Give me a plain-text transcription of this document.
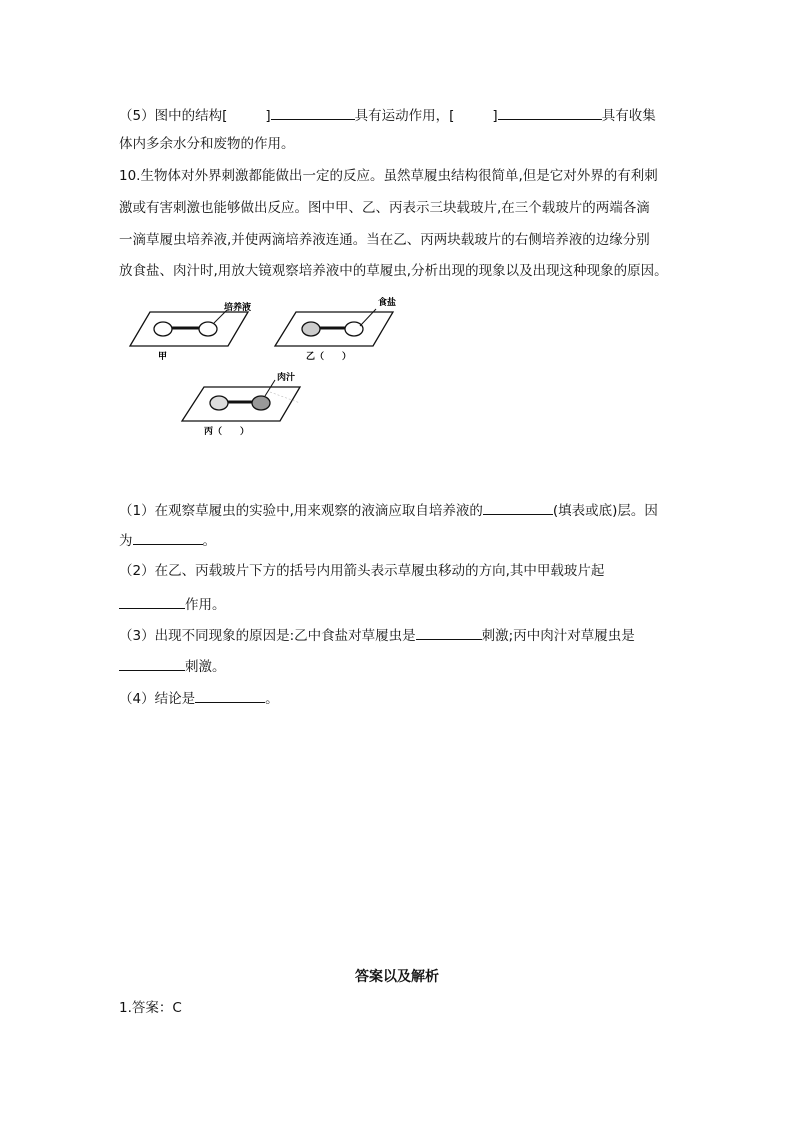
（5）图中的结构[	]	具有运动作用，[	]	具有收集
体内多余水分和废物的作用。
10.生物体对外界刺激都能做出一定的反应。虽然草履虫结构很简单,但是它对外界的有利刺
激或有害刺激也能够做出反应。图中甲、乙、丙表示三块载玻片,在三个载玻片的两端各滴
一滴草履虫培养液,并使两滴培养液连通。当在乙、丙两块载玻片的右侧培养液的边缘分别
放食盐、肉汁时,用放大镜观察培养液中的草履虫,分析出现的现象以及出现这种现象的原因。
培养液
甲
食盐
乙（　　）
肉汁
丙（　　）
（1）在观察草履虫的实验中,用来观察的液滴应取自培养液的	(填表或底)层。因
为	。
（2）在乙、丙载玻片下方的括号内用箭头表示草履虫移动的方向,其中甲载玻片起
作用。
（3）出现不同现象的原因是:乙中食盐对草履虫是	刺激;丙中肉汁对草履虫是
刺激。
（4）结论是	。
答案以及解析
1.答案：C
